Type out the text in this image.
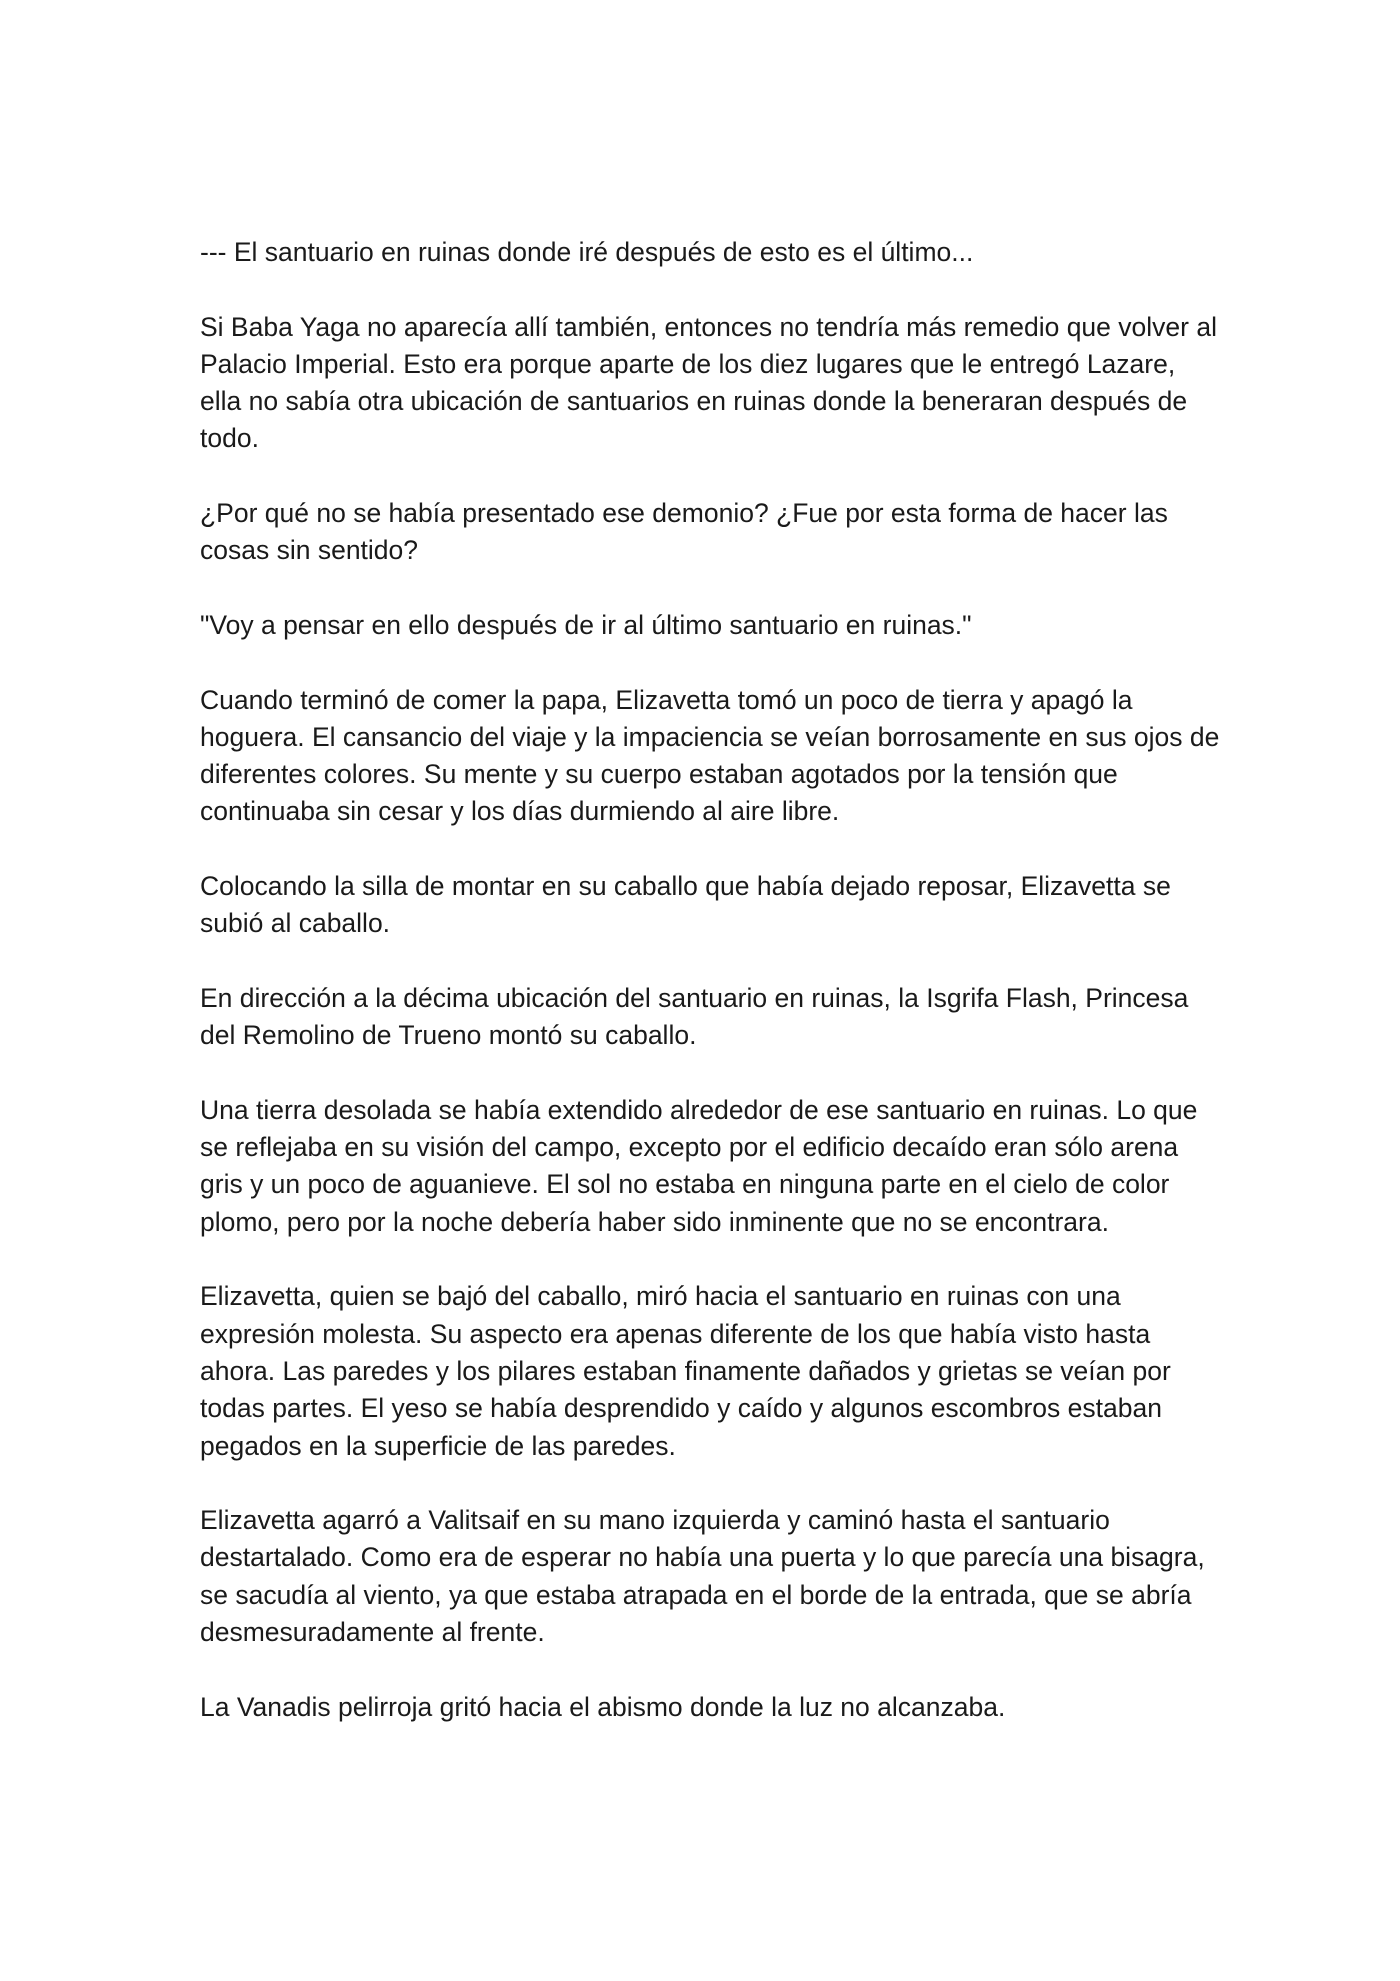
--- El santuario en ruinas donde iré después de esto es el último...

Si Baba Yaga no aparecía allí también, entonces no tendría más remedio que volver al Palacio Imperial. Esto era porque aparte de los diez lugares que le entregó Lazare, ella no sabía otra ubicación de santuarios en ruinas donde la beneraran después de todo.

¿Por qué no se había presentado ese demonio? ¿Fue por esta forma de hacer las cosas sin sentido?

"Voy a pensar en ello después de ir al último santuario en ruinas."

Cuando terminó de comer la papa, Elizavetta tomó un poco de tierra y apagó la hoguera. El cansancio del viaje y la impaciencia se veían borrosamente en sus ojos de diferentes colores. Su mente y su cuerpo estaban agotados por la tensión que continuaba sin cesar y los días durmiendo al aire libre.

Colocando la silla de montar en su caballo que había dejado reposar, Elizavetta se subió al caballo.

En dirección a la décima ubicación del santuario en ruinas, la Isgrifa Flash, Princesa del Remolino de Trueno montó su caballo.

Una tierra desolada se había extendido alrededor de ese santuario en ruinas. Lo que se reflejaba en su visión del campo, excepto por el edificio decaído eran sólo arena gris y un poco de aguanieve. El sol no estaba en ninguna parte en el cielo de color plomo, pero por la noche debería haber sido inminente que no se encontrara.

Elizavetta, quien se bajó del caballo, miró hacia el santuario en ruinas con una expresión molesta. Su aspecto era apenas diferente de los que había visto hasta ahora. Las paredes y los pilares estaban finamente dañados y grietas se veían por todas partes. El yeso se había desprendido y caído y algunos escombros estaban pegados en la superficie de las paredes.

Elizavetta agarró a Valitsaif en su mano izquierda y caminó hasta el santuario destartalado. Como era de esperar no había una puerta y lo que parecía una bisagra, se sacudía al viento, ya que estaba atrapada en el borde de la entrada, que se abría desmesuradamente al frente.

La Vanadis pelirroja gritó hacia el abismo donde la luz no alcanzaba.
